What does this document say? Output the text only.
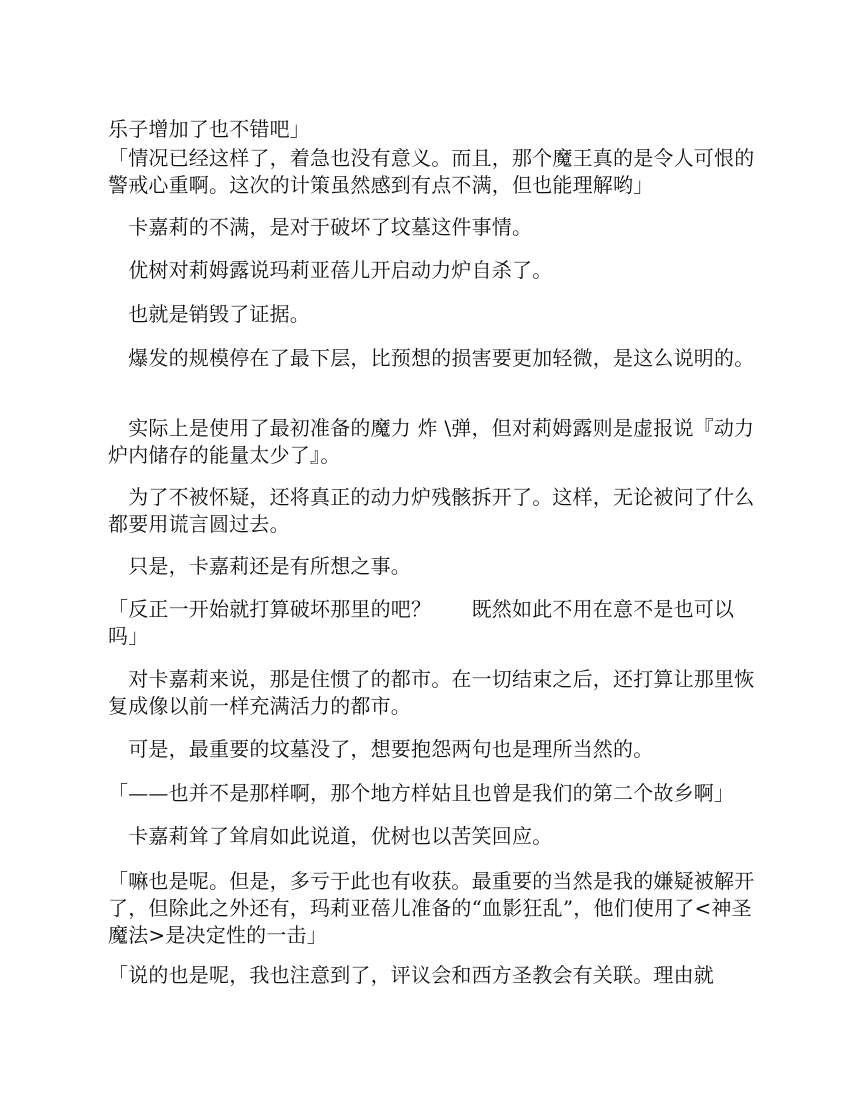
乐子增加了也不错吧」
「情况已经这样了，着急也没有意义。而且，那个魔王真的是令人可恨的警戒心重啊。这次的计策虽然感到有点不满，但也能理解哟」
　卡嘉莉的不满，是对于破坏了坟墓这件事情。
　优树对莉姆露说玛莉亚蓓儿开启动力炉自杀了。
　也就是销毁了证据。
　爆发的规模停在了最下层，比预想的损害要更加轻微，是这么说明的。
　实际上是使用了最初准备的魔力 炸 \弹，但对莉姆露则是虚报说『动力炉内储存的能量太少了』。
　为了不被怀疑，还将真正的动力炉残骸拆开了。这样，无论被问了什么都要用谎言圆过去。
　只是，卡嘉莉还是有所想之事。
「反正一开始就打算破坏那里的吧？　　既然如此不用在意不是也可以吗」
　对卡嘉莉来说，那是住惯了的都市。在一切结束之后，还打算让那里恢复成像以前一样充满活力的都市。
　可是，最重要的坟墓没了，想要抱怨两句也是理所当然的。
「——也并不是那样啊，那个地方样姑且也曾是我们的第二个故乡啊」
　卡嘉莉耸了耸肩如此说道，优树也以苦笑回应。
「嘛也是呢。但是，多亏于此也有收获。最重要的当然是我的嫌疑被解开了，但除此之外还有，玛莉亚蓓儿准备的“血影狂乱”，他们使用了<神圣魔法>是决定性的一击」
「说的也是呢，我也注意到了，评议会和西方圣教会有关联。理由就
